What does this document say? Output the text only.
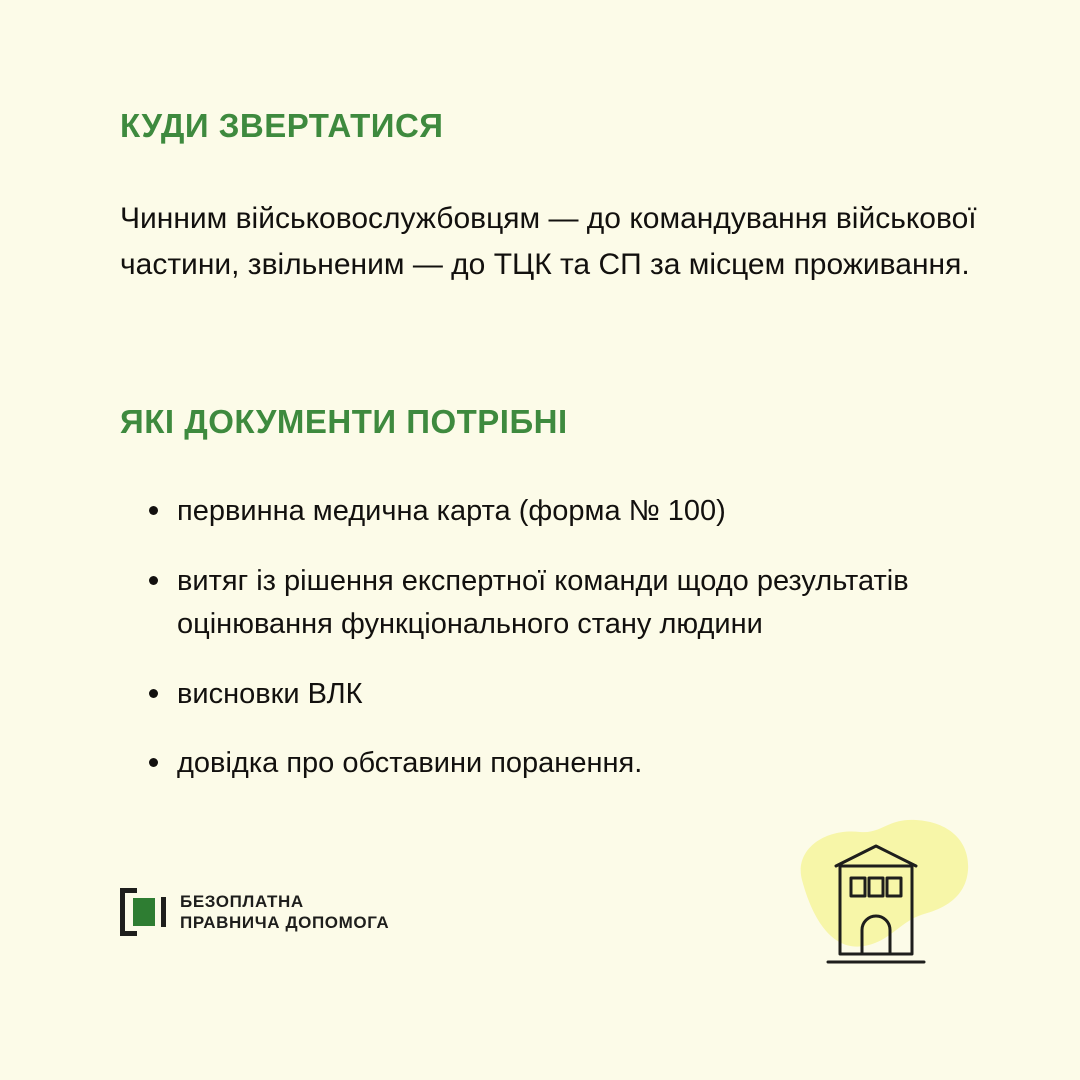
КУДИ ЗВЕРТАТИСЯ

Чинним військовослужбовцям — до командування військової частини, звільненим — до ТЦК та СП за місцем проживання.

ЯКІ ДОКУМЕНТИ ПОТРІБНІ
первинна медична карта (форма № 100)
витяг із рішення експертної команди щодо результатів оцінювання функціонального стану людини
висновки ВЛК
довідка про обставини поранення.
БЕЗОПЛАТНА
ПРАВНИЧА ДОПОМОГА
